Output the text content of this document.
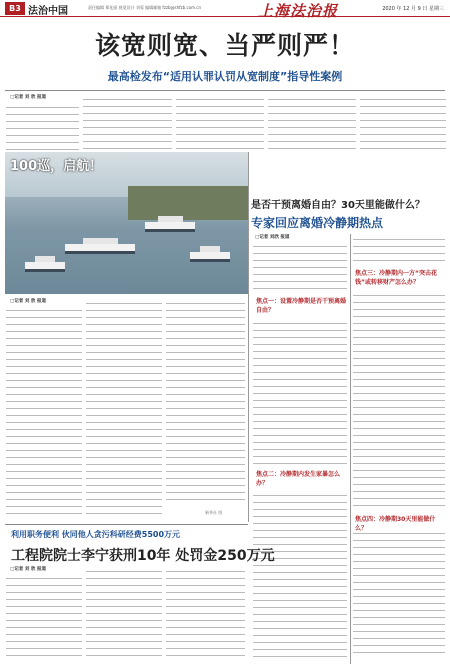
B3 法治中国	责任编辑 郑化丽 视觉设计 刘蓉 编辑邮箱 fzzb@shfzb.com.cn	上海法治报	2020 年 12 月 9 日 星期三
该宽则宽、当严则严！
最高检发布“适用认罪认罚从宽制度”指导性案例
□记者 刘 欣 报道
100巡，启航！
□记者 刘 欣 报道
新华社 图
是否干预离婚自由？30天里能做什么？
专家回应离婚冷静期热点
□记者 刘欣 报道
焦点一：设置冷静期是否干预离婚自由？
焦点二：冷静期内发生家暴怎么办？
焦点三：冷静期内一方“突击花钱”或转移财产怎么办？
焦点四：冷静期30天里能做什么？
利用职务便利 伙同他人贪污科研经费5500万元
工程院院士李宁获刑10年 处罚金250万元
□记者 刘 欣 报道
